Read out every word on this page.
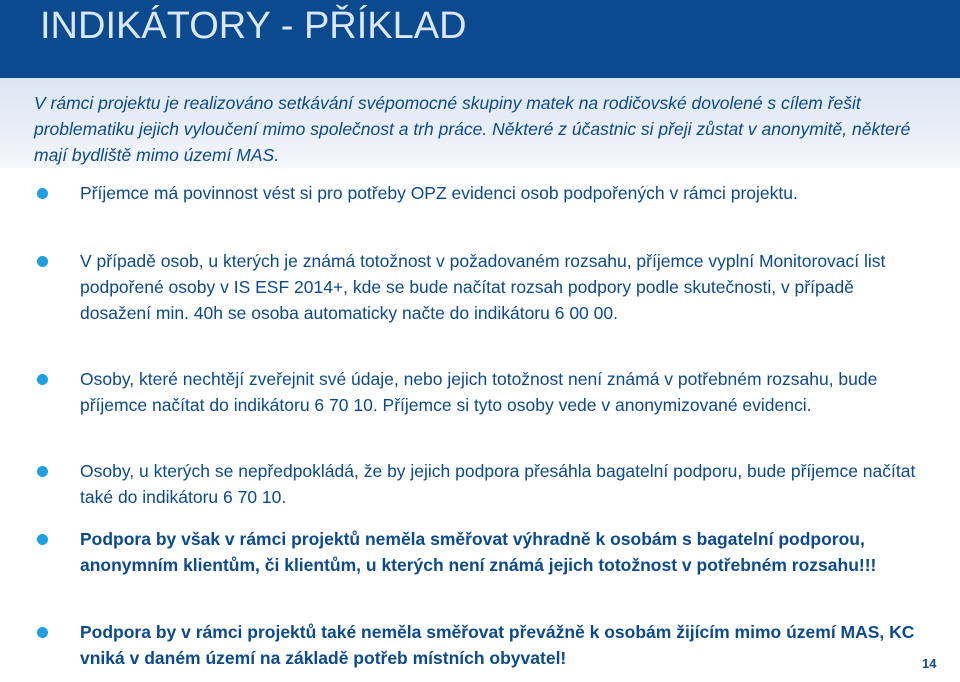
INDIKÁTORY - PŘÍKLAD
V rámci projektu je realizováno setkávání svépomocné skupiny matek na rodičovské dovolené s cílem řešit problematiku jejich vyloučení mimo společnost a trh práce. Některé z účastnic si přeji zůstat v anonymitě, některé mají bydliště mimo území MAS.
Příjemce má povinnost vést si pro potřeby OPZ evidenci osob podpořených v rámci projektu.
V případě osob, u kterých je známá totožnost v požadovaném rozsahu, příjemce vyplní Monitorovací list podpořené osoby v IS ESF 2014+, kde se bude načítat rozsah podpory podle skutečnosti, v případě dosažení min. 40h se osoba automaticky načte do indikátoru 6 00 00.
Osoby, které nechtějí zveřejnit své údaje, nebo jejich totožnost není známá v potřebném rozsahu, bude příjemce načítat do indikátoru 6 70 10. Příjemce si tyto osoby vede v anonymizované evidenci.
Osoby, u kterých se nepředpokládá, že by jejich podpora přesáhla bagatelní podporu, bude příjemce načítat také do indikátoru 6 70 10.
Podpora by však v rámci projektů neměla směřovat výhradně k osobám s bagatelní podporou, anonymním klientům, či klientům, u kterých není známá jejich totožnost v potřebném rozsahu!!!
Podpora by v rámci projektů také neměla směřovat převážně k osobám žijícím mimo území MAS, KC vniká v daném území na základě potřeb místních obyvatel!	14
